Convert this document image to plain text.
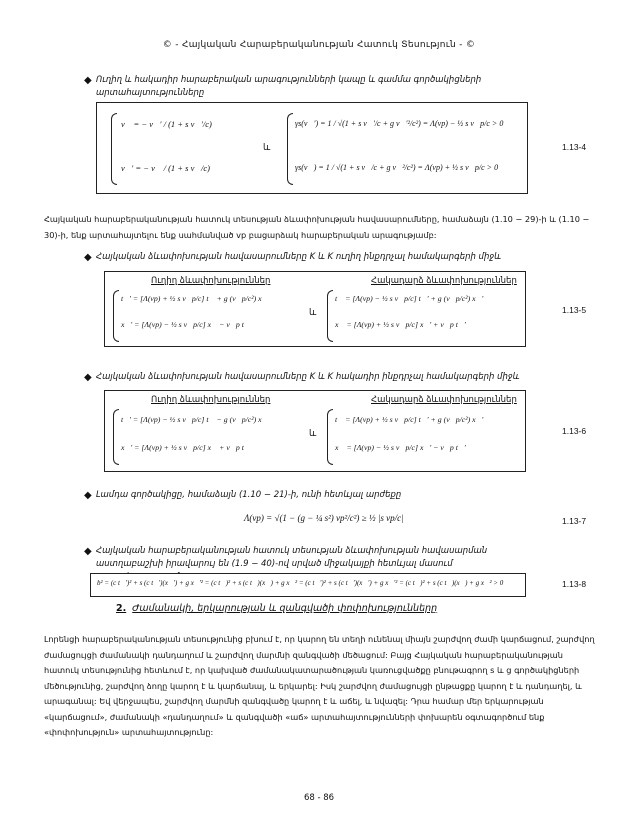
© - Հայկական Հարաբերականության Հատուկ Տեսություն - ©
◆ Ուղիղ և հակադիր հարաբերական արագությունների կապը և գամմա գործակիցների արտահայտությունները
v⃗ = − v⃗′ / (1 + s v⃗′/c)
v⃗′ = − v⃗ / (1 + s v⃗/c)
և
γs(v⃗′) = 1 / √(1 + s v⃗′/c + g v⃗′²/c²) = Λ(vp) − ½ s v⃗p/c > 0
γs(v⃗) = 1 / √(1 + s v⃗/c + g v⃗²/c²) = Λ(vp) + ½ s v⃗p/c > 0
1.13-4
Հայկական հարաբերականության հատուկ տեսության ձևափոխության հավասարումները, համաձայն (1.10 − 29)-ի և (1.10 − 30)-ի, ենք արտահայտելու ենք սահմանված vp բացարձակ հարաբերական արագությամբ:
◆ Հայկական ձևափոխության հավասարումները K և K ուղիղ ինքդրչալ համակարգերի միջև
Ուղիղ ձևափոխություններ	Հակադարձ ձևափոխություններ
t⃗′ = [Λ(vp) + ½ s v⃗p/c] t⃗ + g (v⃗p/c²) x⃗
x⃗′ = [Λ(vp) − ½ s v⃗p/c] x⃗ − v⃗p t⃗
և
t⃗ = [Λ(vp) − ½ s v⃗p/c] t⃗′ + g (v⃗p/c²) x⃗′
x⃗ = [Λ(vp) + ½ s v⃗p/c] x⃗′ + v⃗p t⃗′
1.13-5
◆ Հայկական ձևափոխության հավասարումները K և K հակադիր ինքդրչալ համակարգերի միջև
Ուղիղ ձևափոխություններ	Հակադարձ ձևափոխություններ
t⃖′ = [Λ(vp) − ½ s v⃗p/c] t⃗ − g (v⃗p/c²) x⃗
x⃖′ = [Λ(vp) + ½ s v⃗p/c] x⃗ + v⃗p t⃗
և
t⃖ = [Λ(vp) + ½ s v⃗p/c] t⃗′ + g (v⃗p/c²) x⃗′
x⃖ = [Λ(vp) − ½ s v⃗p/c] x⃗′ − v⃗p t⃗′
1.13-6
◆ Լամդա գործակիցը, համաձայն (1.10 − 21)-ի, ունի հետևյալ արժեքը
Λ(vp) = √(1 − (g − ¼ s²) vp²/c²) ≥ ½ |s vp/c|	1.13-7
◆ Հայկական հարաբերականության հատուկ տեսության ձևափոխության հավասարման աստղաբաշխի իրավարույ են (1.9 − 40)-ով սրված միջակայքի հետևյալ մասում
b² = (c t⃗′)² + s (c t⃗′)(x⃗′) + g x⃗′² = (c t⃗)² + s (c t⃗)(x⃗) + g x⃗² = (c t⃖′)² + s (c t⃖′)(x⃖′) + g x⃖′² = (c t⃖)² + s (c t⃖)(x⃖) + g x⃖² > 0	1.13-8
2. Ժամանակի, երկարության և զանգվածի փոփոխությունները
Լորենցի հարաբերականության տեսությունից բխում է, որ կարող են տեղի ունենալ միայն շարժվող ժամի կարճացում, շարժվող ժամացույցի ժամանակի դանդաղում և շարժվող մարմնի զանգվածի մեծացում: Բայց Հայկական հարաբերականության հատուկ տեսությունից հետևում է, որ կախված ժամանակատարածության կառուցվածքը բնութագրող s և g գործակիցների մեծությունից, շարժվող ձողը կարող է և կարճանալ, և երկարել: Իսկ շարժվող ժամացույցի ընթացքը կարող է և դանդաղել, և արագանալ: Եվ վերջապես, շարժվող մարմնի զանգվածը կարող է և աճել, և նվազել: Դրա համար մեր երկարության «կարճացում», ժամանակի «դանդաղում» և զանգվածի «աճ» արտահայտությունների փոխարեն օգտագործում ենք «փոփոխություն» արտահայտությունը:
68 - 86
